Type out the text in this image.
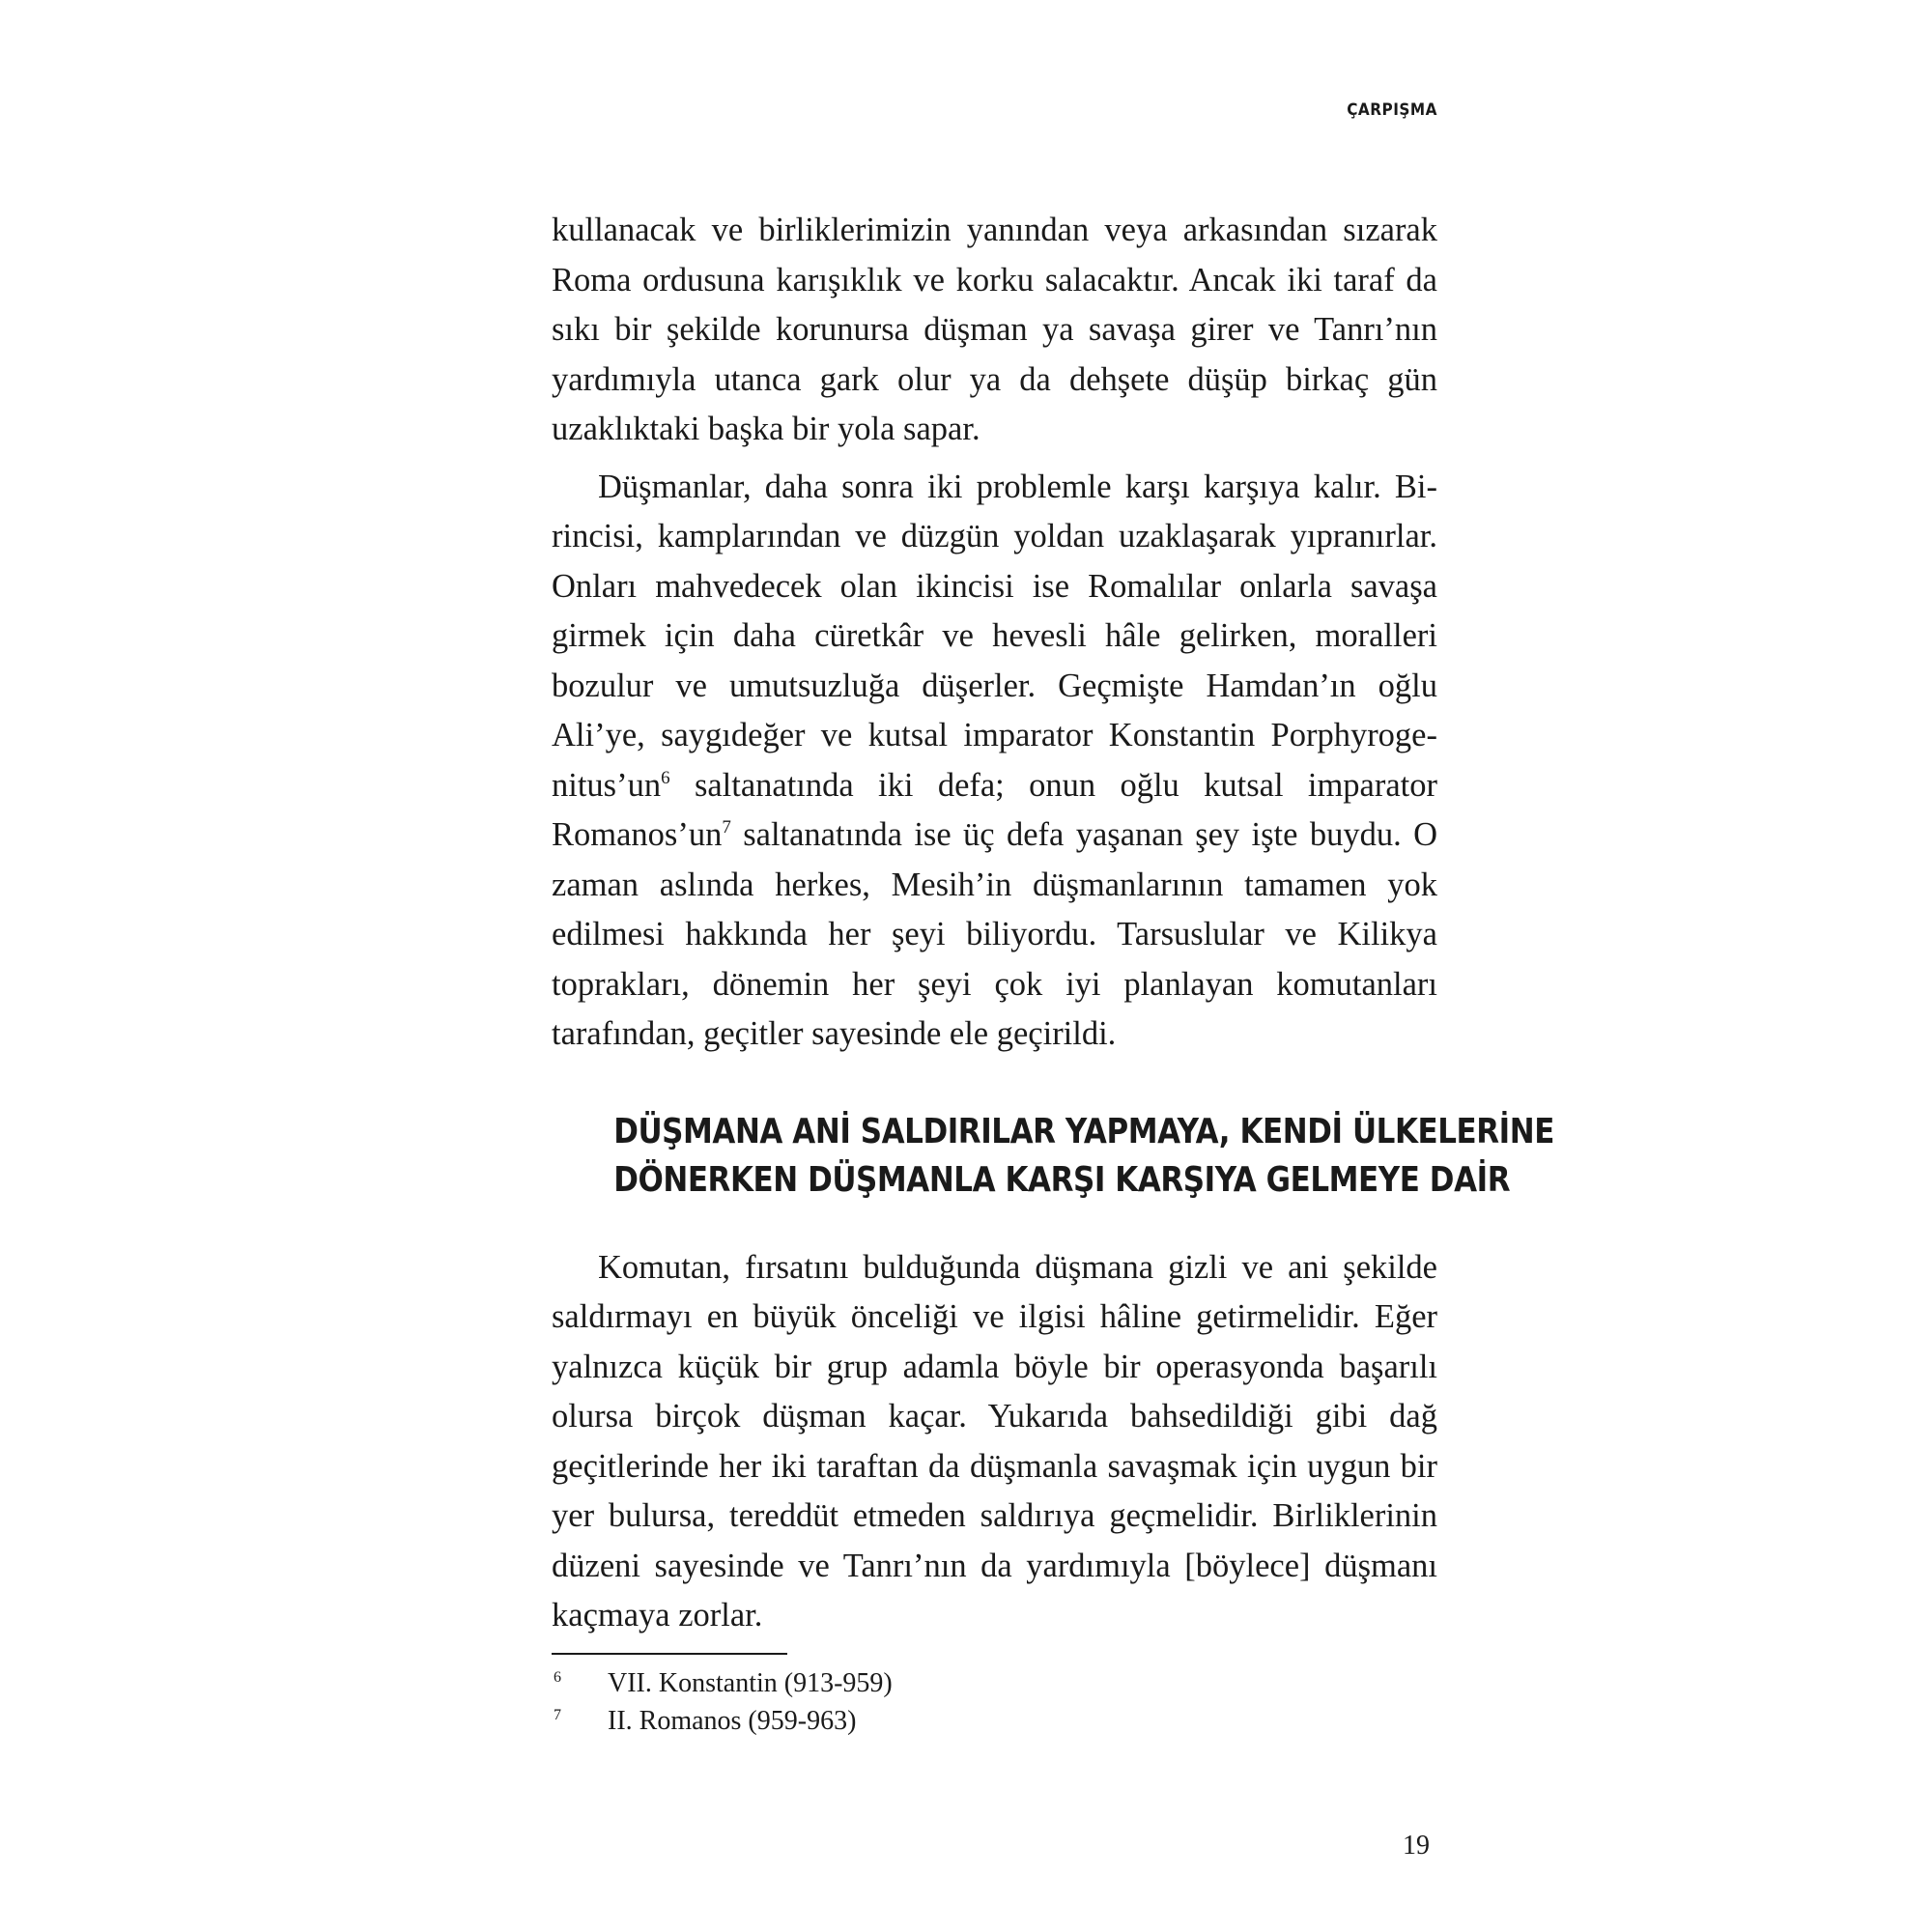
ÇARPIŞMA

kullanacak ve birliklerimizin yanından veya arkasından sızarak Roma ordusuna karışıklık ve korku salacaktır. Ancak iki taraf da sıkı bir şekilde korunursa düşman ya savaşa girer ve Tanrı’nın yardımıyla utanca gark olur ya da dehşete düşüp birkaç gün uzaklıktaki başka bir yola sapar.

Düşmanlar, daha sonra iki problemle karşı karşıya kalır. Birincisi, kamplarından ve düzgün yoldan uzaklaşarak yıpranırlar. Onları mahvedecek olan ikincisi ise Romalılar onlarla savaşa girmek için daha cüretkâr ve hevesli hâle gelirken, moralleri bozulur ve umutsuzluğa düşerler. Geçmişte Hamdan’ın oğlu Ali’ye, saygıdeğer ve kutsal imparator Konstantin Porphyrogenitus’un$^6$ saltanatında iki defa; onun oğlu kutsal imparator Romanos’un$^7$ saltanatında ise üç defa yaşanan şey işte buydu. O zaman aslında herkes, Mesih’in düşmanlarının tamamen yok edilmesi hakkında her şeyi biliyordu. Tarsuslular ve Kilikya toprakları, dönemin her şeyi çok iyi planlayan komutanları tarafından, geçitler sayesinde ele geçirildi.

DÜŞMANA ANİ SALDIRILAR YAPMAYA, KENDİ ÜLKELERİNE
DÖNERKEN DÜŞMANLA KARŞI KARŞIYA GELMEYE DAİR

Komutan, fırsatını bulduğunda düşmana gizli ve ani şekilde saldırmayı en büyük önceliği ve ilgisi hâline getirmelidir. Eğer yalnızca küçük bir grup adamla böyle bir operasyonda başarılı olursa birçok düşman kaçar. Yukarıda bahsedildiği gibi dağ geçitlerinde her iki taraftan da düşmanla savaşmak için uygun bir yer bulursa, tereddüt etmeden saldırıya geçmelidir. Birliklerinin düzeni sayesinde ve Tanrı’nın da yardımıyla [böylece] düşmanı kaçmaya zorlar.

6 VII. Konstantin (913-959)
7 II. Romanos (959-963)
19
